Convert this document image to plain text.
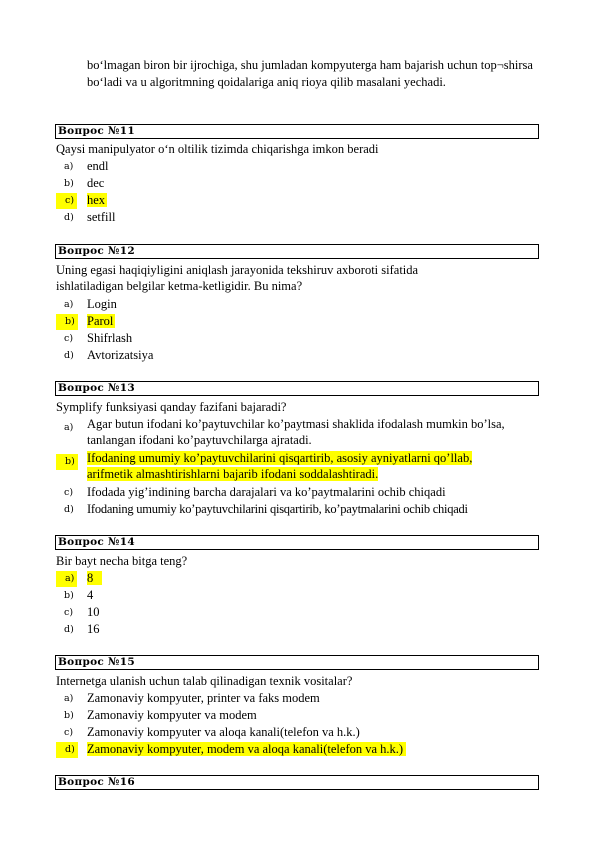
bo‘lmagan biron bir ijrochiga, shu jumladan kompyuterga ham bajarish uchun top¬shirsa bo‘ladi va u algoritmning qoidalariga aniq rioya qilib masalani yechadi.
Вопрос №11
Qaysi manipulyator o‘n oltilik tizimda chiqarishga imkon beradi
a) endl
b) dec
c) hex
d) setfill
Вопрос №12
Uning egasi haqiqiyligini aniqlash jarayonida tekshiruv axboroti sifatida ishlatiladigan belgilar ketma-ketligidir. Bu nima?
a) Login
b) Parol
c) Shifrlash
d) Avtorizatsiya
Вопрос №13
Symplify funksiyasi qanday fazifani bajaradi?
a) Agar butun ifodani ko’paytuvchilar ko’paytmasi shaklida ifodalash mumkin bo’lsa, tanlangan ifodani ko’paytuvchilarga ajratadi.
b) Ifodaning umumiy ko’paytuvchilarini qisqartirib, asosiy ayniyatlarni qo’llab, arifmetik almashtirishlarni bajarib ifodani soddalashtiradi.
c) Ifodada yig’indining barcha darajalari va ko’paytmalarini ochib chiqadi
d) Ifodaning umumiy ko’paytuvchilarini qisqartirib, ko’paytmalarini ochib chiqadi
Вопрос №14
Bir bayt necha bitga teng?
a) 8
b) 4
c) 10
d) 16
Вопрос №15
Internetga ulanish uchun talab qilinadigan texnik vositalar?
a) Zamonaviy kompyuter, printer va faks modem
b) Zamonaviy kompyuter va modem
c) Zamonaviy kompyuter va aloqa kanali(telefon va h.k.)
d) Zamonaviy kompyuter, modem va aloqa kanali(telefon va h.k.)
Вопрос №16
